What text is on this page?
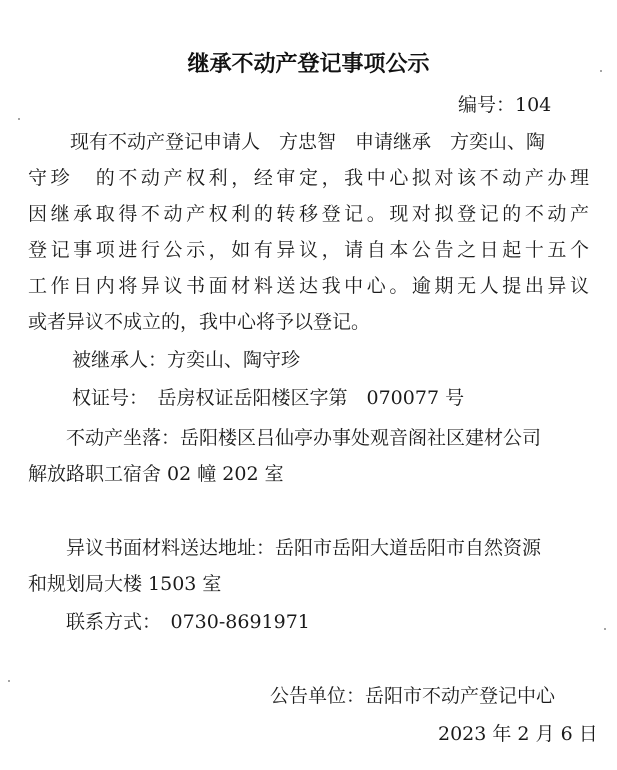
继承不动产登记事项公示
编号：104
现有不动产登记申请人　方忠智　申请继承　方奕山、陶
守珍　的不动产权利，经审定，我中心拟对该不动产办理
因继承取得不动产权利的转移登记。现对拟登记的不动产
登记事项进行公示，如有异议，请自本公告之日起十五个
工作日内将异议书面材料送达我中心。逾期无人提出异议
或者异议不成立的，我中心将予以登记。
被继承人：方奕山、陶守珍
权证号：　岳房权证岳阳楼区字第　070077 号
不动产坐落：岳阳楼区吕仙亭办事处观音阁社区建材公司
解放路职工宿舍 02 幢 202 室
异议书面材料送达地址：岳阳市岳阳大道岳阳市自然资源
和规划局大楼 1503 室
联系方式：　0730-8691971
公告单位：岳阳市不动产登记中心
2023 年 2 月 6 日
